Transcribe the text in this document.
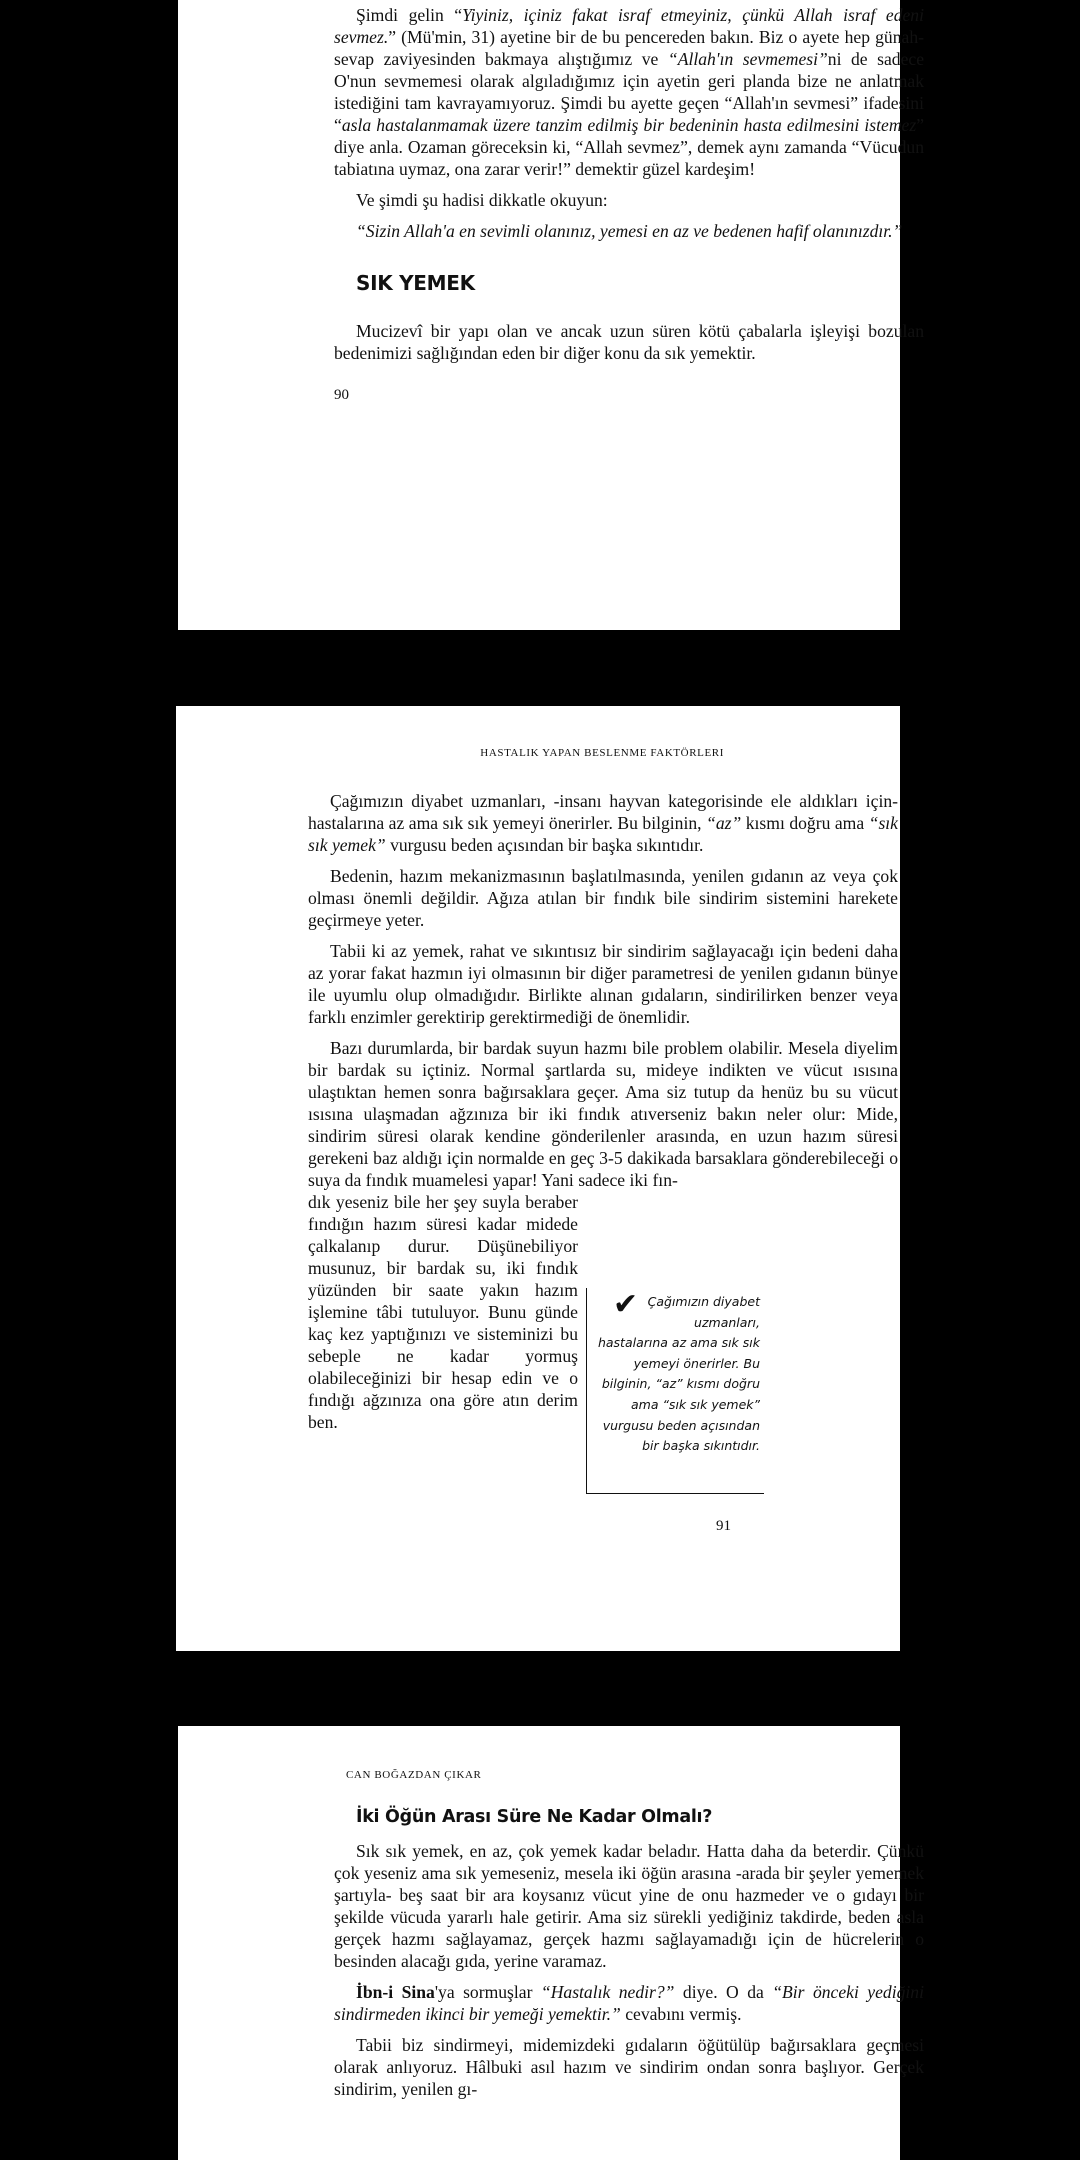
Şimdi gelin “Yiyiniz, içiniz fakat israf etmeyiniz, çünkü Allah israf edeni sevmez.” (Mü'min, 31) ayetine bir de bu pencereden bakın. Biz o ayete hep günah-sevap zaviyesinden bakmaya alıştığımız ve “Allah'ın sevmemesi”ni de sadece O'nun sevmemesi olarak algıladığımız için ayetin geri planda bize ne anlatmak istediğini tam kavrayamıyoruz. Şimdi bu ayette geçen “Allah'ın sevmesi” ifadesini “asla hastalanmamak üzere tanzim edilmiş bir bedeninin hasta edilmesini istemez” diye anla. Ozaman göreceksin ki, “Allah sevmez”, demek aynı zamanda “Vücudun tabiatına uymaz, ona zarar verir!” demektir güzel kardeşim!

Ve şimdi şu hadisi dikkatle okuyun:

“Sizin Allah'a en sevimli olanınız, yemesi en az ve bedenen hafif olanınızdır.”

SIK YEMEK

Mucizevî bir yapı olan ve ancak uzun süren kötü çabalarla işleyişi bozulan bedenimizi sağlığından eden bir diğer konu da sık yemektir.

90

HASTALIK YAPAN BESLENME FAKTÖRLERI

Çağımızın diyabet uzmanları, -insanı hayvan kategorisinde ele aldıkları için- hastalarına az ama sık sık yemeyi önerirler. Bu bilginin, “az” kısmı doğru ama “sık sık yemek” vurgusu beden açısından bir başka sıkıntıdır.

Bedenin, hazım mekanizmasının başlatılmasında, yenilen gıdanın az veya çok olması önemli değildir. Ağıza atılan bir fındık bile sindirim sistemini harekete geçirmeye yeter.

Tabii ki az yemek, rahat ve sıkıntısız bir sindirim sağlayacağı için bedeni daha az yorar fakat hazmın iyi olmasının bir diğer parametresi de yenilen gıdanın bünye ile uyumlu olup olmadığıdır. Birlikte alınan gıdaların, sindirilirken benzer veya farklı enzimler gerektirip gerektirmediği de önemlidir.

Bazı durumlarda, bir bardak suyun hazmı bile problem olabilir. Mesela diyelim bir bardak su içtiniz. Normal şartlarda su, mideye indikten ve vücut ısısına ulaştıktan hemen sonra bağırsaklara geçer. Ama siz tutup da henüz bu su vücut ısısına ulaşmadan ağzınıza bir iki fındık atıverseniz bakın neler olur: Mide, sindirim süresi olarak kendine gönderilenler arasında, en uzun hazım süresi gerekeni baz aldığı için normalde en geç 3-5 dakikada barsaklara gönderebileceği o suya da fındık muamelesi yapar! Yani sadece iki fın-

dık yeseniz bile her şey suyla beraber fındığın hazım süresi kadar midede çalkalanıp durur. Düşünebiliyor musunuz, bir bardak su, iki fındık yüzünden bir saate yakın hazım işlemine tâbi tutuluyor. Bunu günde kaç kez yaptığınızı ve sisteminizi bu sebeple ne kadar yormuş olabileceğinizi bir hesap edin ve o fındığı ağzınıza ona göre atın derim ben.

✔ Çağımızın diyabet uzmanları, hastalarına az ama sık sık yemeyi önerirler. Bu bilginin, “az” kısmı doğru ama “sık sık yemek” vurgusu beden açısından bir başka sıkıntıdır.
91
CAN BOĞAZDAN ÇIKAR

İki Öğün Arası Süre Ne Kadar Olmalı?

Sık sık yemek, en az, çok yemek kadar beladır. Hatta daha da beterdir. Çünkü çok yeseniz ama sık yemeseniz, mesela iki öğün arasına -arada bir şeyler yememek şartıyla- beş saat bir ara koysanız vücut yine de onu hazmeder ve o gıdayı bir şekilde vücuda yararlı hale getirir. Ama siz sürekli yediğiniz takdirde, beden asla gerçek hazmı sağlayamaz, gerçek hazmı sağlayamadığı için de hücrelerin o besinden alacağı gıda, yerine varamaz.

İbn-i Sina'ya sormuşlar “Hastalık nedir?” diye. O da “Bir önceki yediğini sindirmeden ikinci bir yemeği yemektir.” cevabını vermiş.

Tabii biz sindirmeyi, midemizdeki gıdaların öğütülüp bağırsaklara geçmesi olarak anlıyoruz. Hâlbuki asıl hazım ve sindirim ondan sonra başlıyor. Gerçek sindirim, yenilen gı-
